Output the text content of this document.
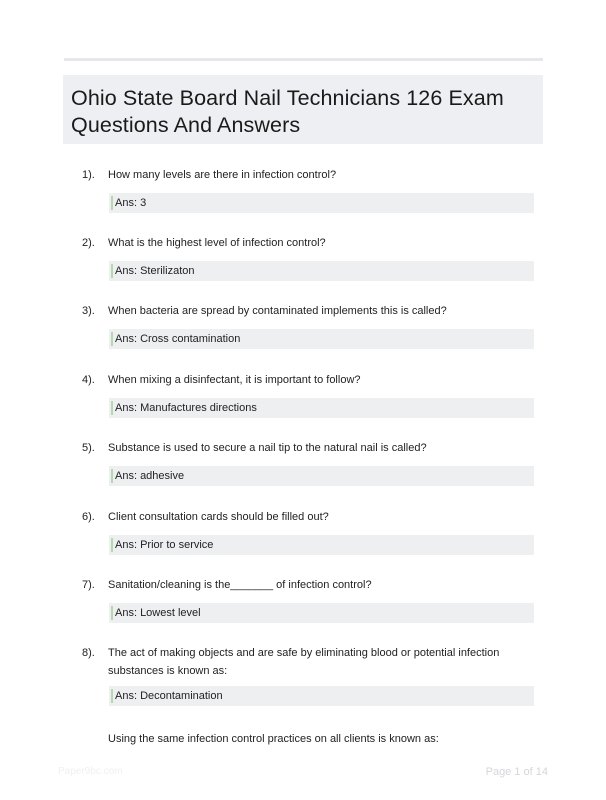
Ohio State Board Nail Technicians 126 Exam
Questions And Answers
1). How many levels are there in infection control?
Ans: 3
2). What is the highest level of infection control?
Ans: Sterilizaton
3). When bacteria are spread by contaminated implements this is called?
Ans: Cross contamination
4). When mixing a disinfectant, it is important to follow?
Ans: Manufactures directions
5). Substance is used to secure a nail tip to the natural nail is called?
Ans: adhesive
6). Client consultation cards should be filled out?
Ans: Prior to service
7). Sanitation/cleaning is the_______ of infection control?
Ans: Lowest level
8). The act of making objects and are safe by eliminating blood or potential infection
substances is known as:
Ans: Decontamination
Using the same infection control practices on all clients is known as:
Paper9bc.com	Page 1 of 14
